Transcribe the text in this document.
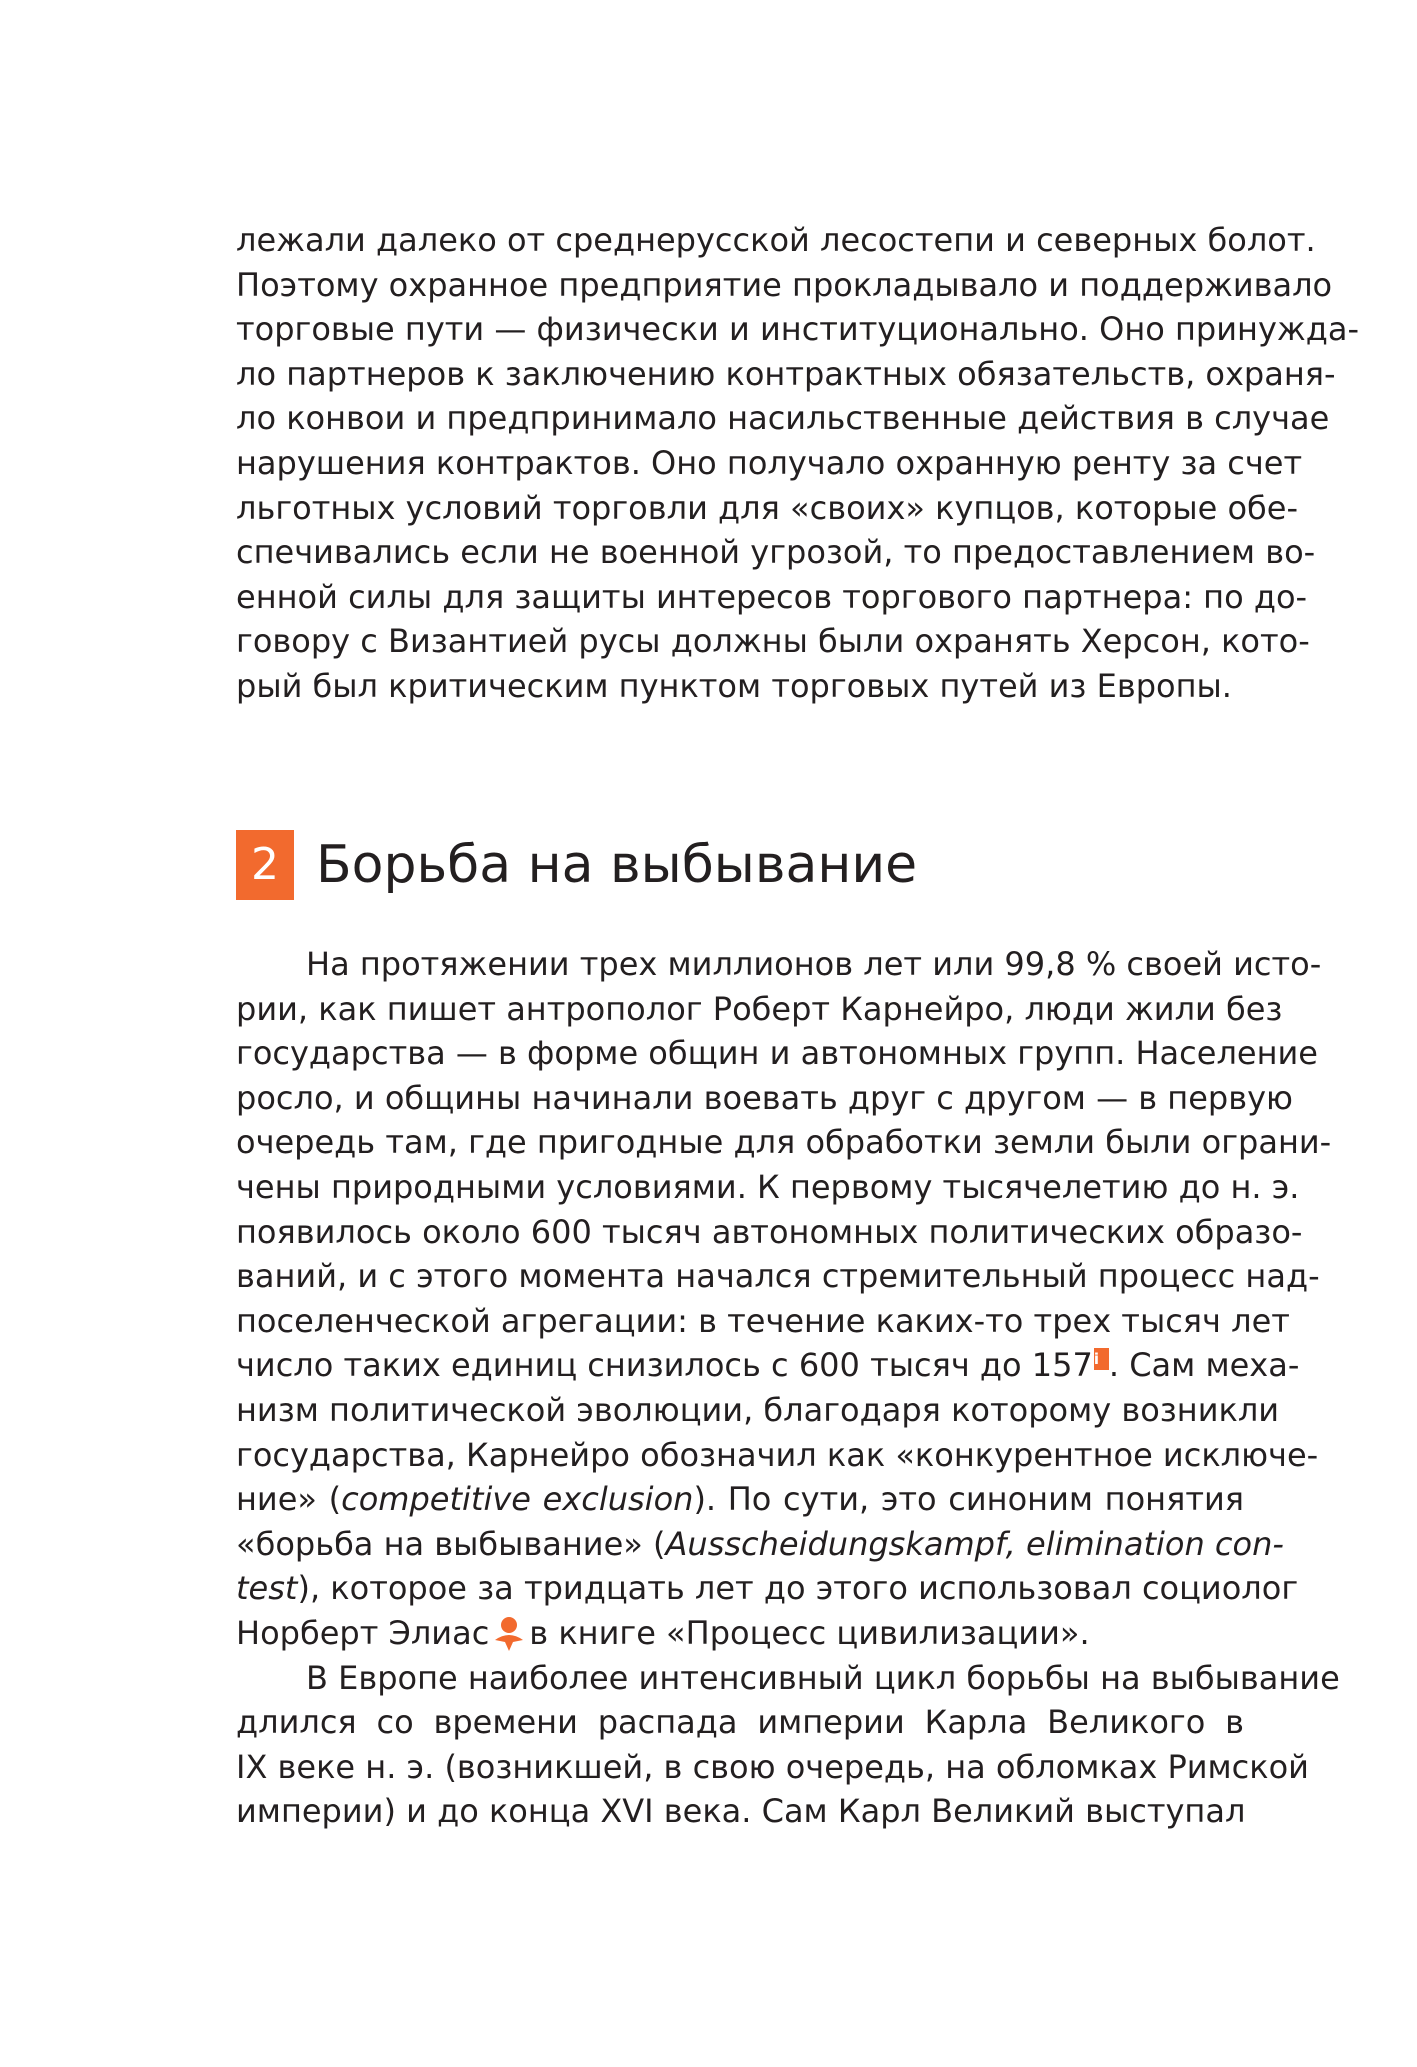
лежали далеко от среднерусской лесостепи и северных болот.
Поэтому охранное предприятие прокладывало и поддерживало
торговые пути — физически и институционально. Оно принужда-
ло партнеров к заключению контрактных обязательств, охраня-
ло конвои и предпринимало насильственные действия в случае
нарушения контрактов. Оно получало охранную ренту за счет
льготных условий торговли для «своих» купцов, которые обе-
спечивались если не военной угрозой, то предоставлением во-
енной силы для защиты интересов торгового партнера: по до-
говору с Византией русы должны были охранять Херсон, кото-
рый был критическим пунктом торговых путей из Европы.
2 Борьба на выбывание
На протяжении трех миллионов лет или 99,8 % своей исто-
рии, как пишет антрополог Роберт Карнейро, люди жили без
государства — в форме общин и автономных групп. Население
росло, и общины начинали воевать друг с другом — в первую
очередь там, где пригодные для обработки земли были ограни-
чены природными условиями. К первому тысячелетию до н. э.
появилось около 600 тысяч автономных политических образо-
ваний, и с этого момента начался стремительный процесс над-
поселенческой агрегации: в течение каких-то трех тысяч лет
число таких единиц снизилось с 600 тысяч до 157i . Сам меха-
низм политической эволюции, благодаря которому возникли
государства, Карнейро обозначил как «конкурентное исключе-
ние» (competitive exclusion). По сути, это синоним понятия
«борьба на выбывание» (Ausscheidungskampf, elimination con-
test), которое за тридцать лет до этого использовал социолог
Норберт Элиас в книге «Процесс цивилизации».
В Европе наиболее интенсивный цикл борьбы на выбывание
длился со времени распада империи Карла Великого в
IX веке н. э. (возникшей, в свою очередь, на обломках Римской
империи) и до конца XVI века. Сам Карл Великий выступал
